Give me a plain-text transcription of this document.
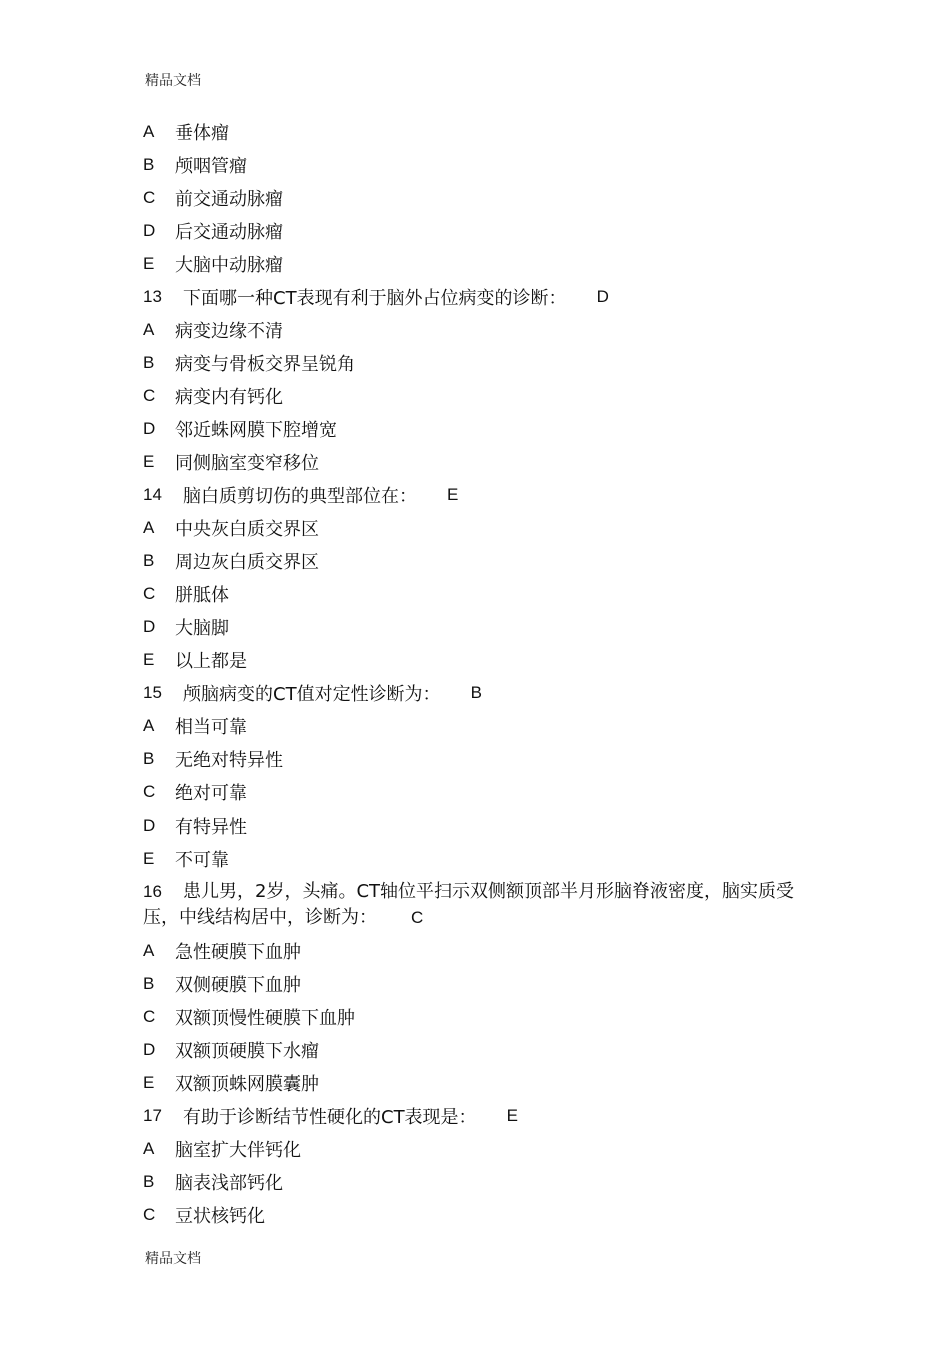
精品文档
A	垂体瘤
B	颅咽管瘤
C	前交通动脉瘤
D	后交通动脉瘤
E	大脑中动脉瘤
13	下面哪一种CT表现有利于脑外占位病变的诊断： D
A	病变边缘不清
B	病变与骨板交界呈锐角
C	病变内有钙化
D	邻近蛛网膜下腔增宽
E	同侧脑室变窄移位
14	脑白质剪切伤的典型部位在： E
A	中央灰白质交界区
B	周边灰白质交界区
C	胼胝体
D	大脑脚
E	以上都是
15	颅脑病变的CT值对定性诊断为： B
A	相当可靠
B	无绝对特异性
C	绝对可靠
D	有特异性
E	不可靠
16 患儿男，2岁，头痛。CT轴位平扫示双侧额顶部半月形脑脊液密度，脑实质受压，中线结构居中，诊断为： C
A	急性硬膜下血肿
B	双侧硬膜下血肿
C	双额顶慢性硬膜下血肿
D	双额顶硬膜下水瘤
E	双额顶蛛网膜囊肿
17	有助于诊断结节性硬化的CT表现是： E
A	脑室扩大伴钙化
B	脑表浅部钙化
C	豆状核钙化
精品文档
